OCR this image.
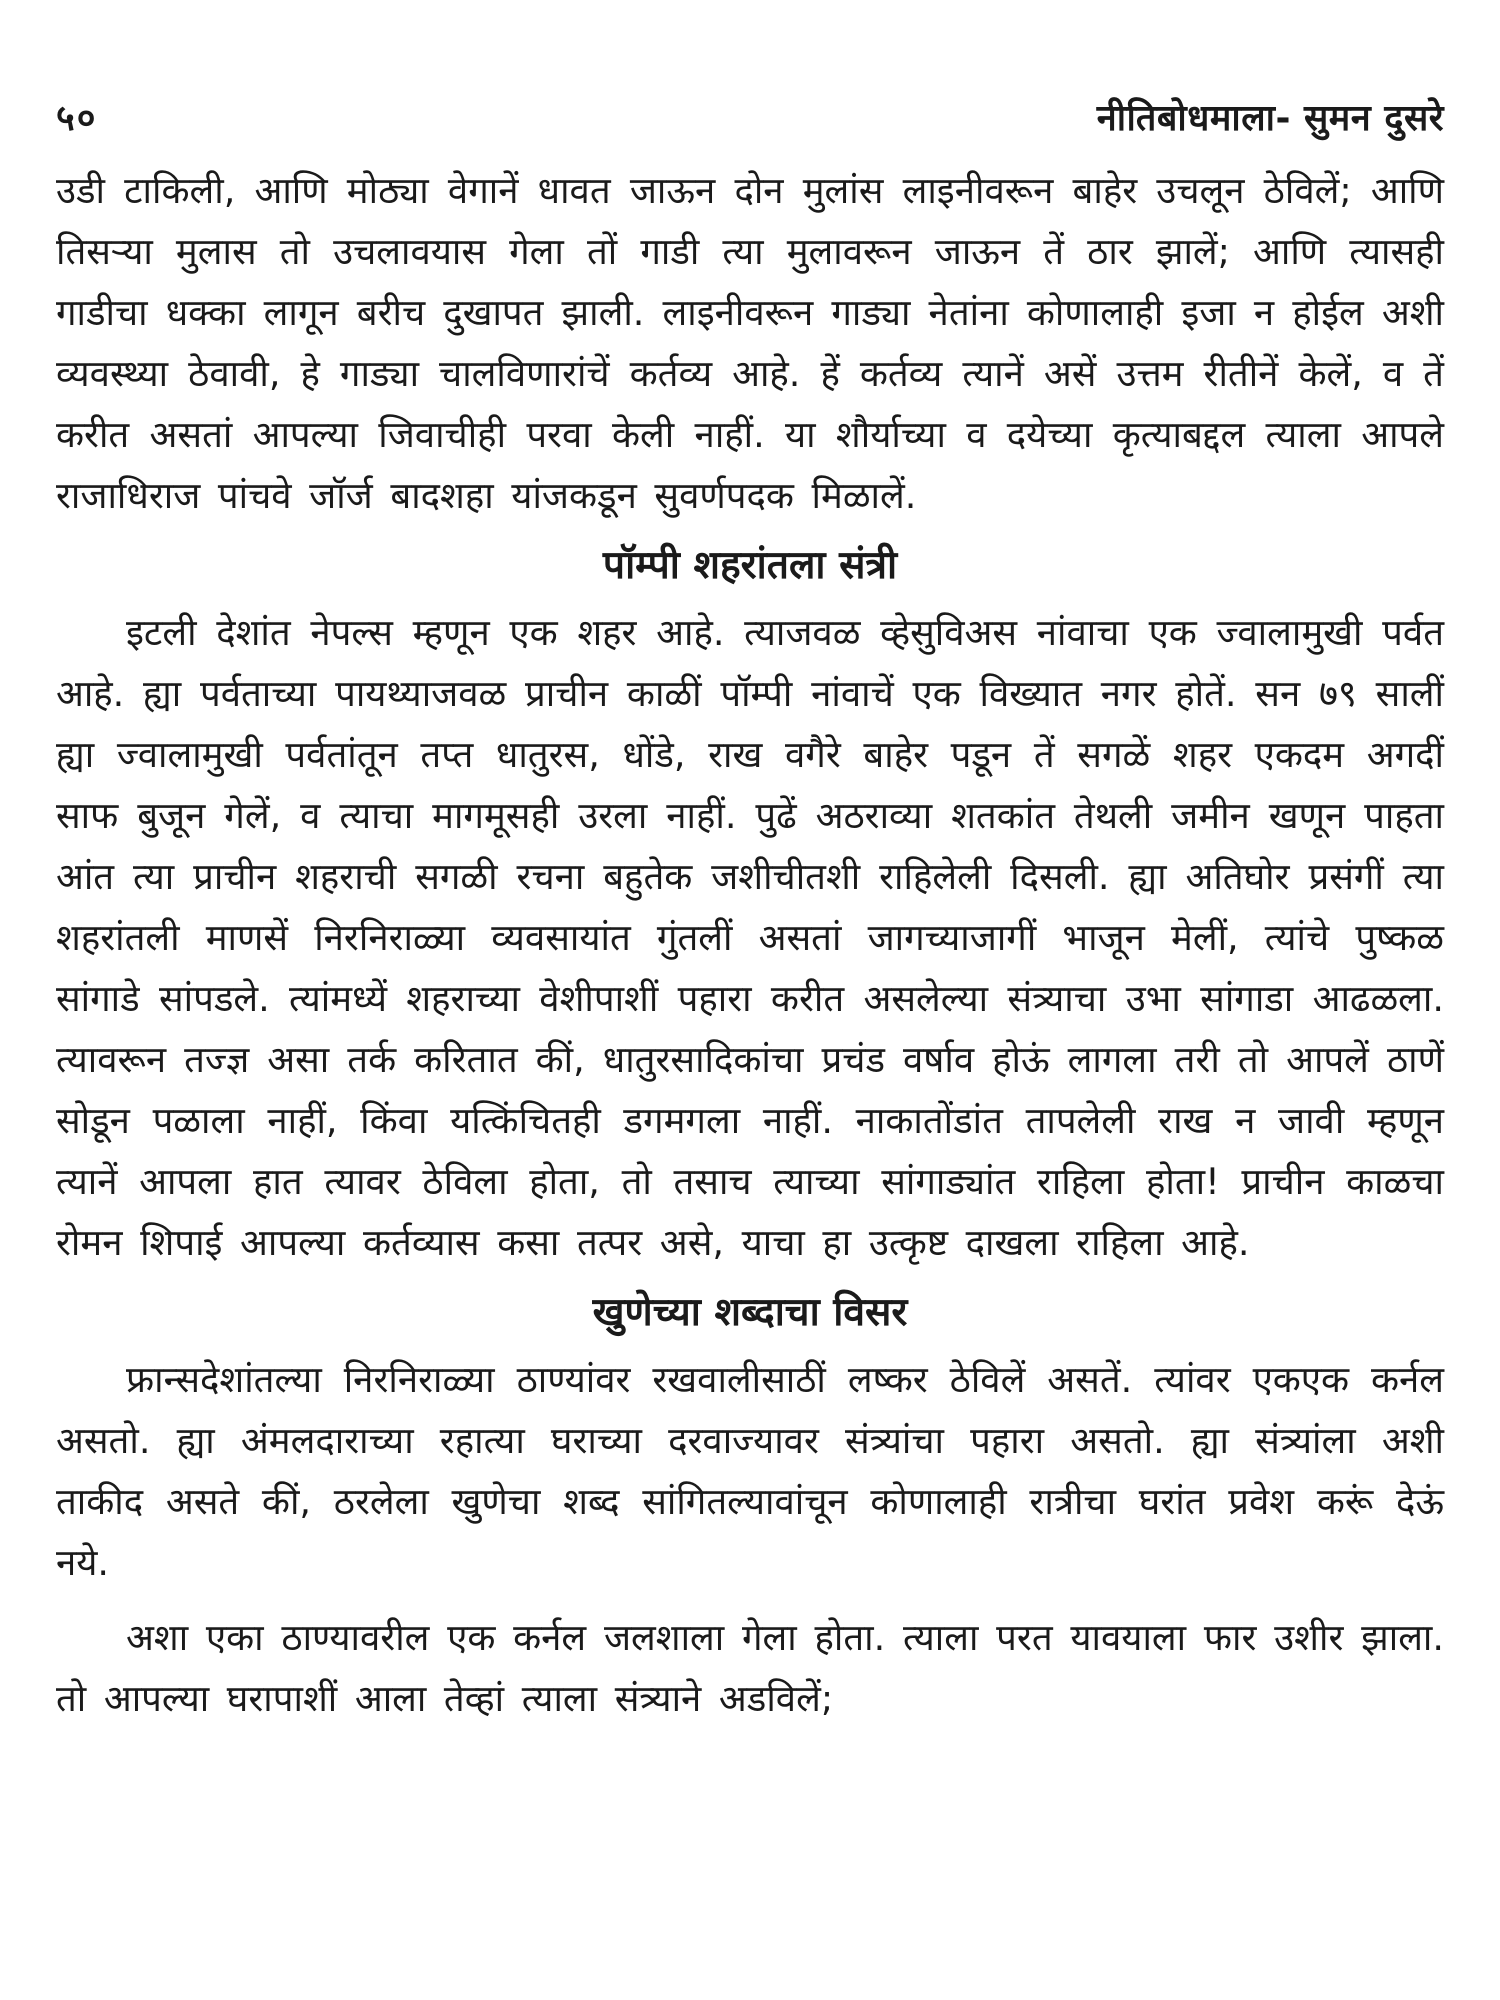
५०	नीतिबोधमाला- सुमन दुसरे

उडी टाकिली, आणि मोठ्या वेगानें धावत जाऊन दोन मुलांस लाइनीवरून बाहेर उचलून ठेविलें; आणि तिसऱ्या मुलास तो उचलावयास गेला तों गाडी त्या मुलावरून जाऊन तें ठार झालें; आणि त्यासही गाडीचा धक्का लागून बरीच दुखापत झाली. लाइनीवरून गाड्या नेतांना कोणालाही इजा न होईल अशी व्यवस्थ्या ठेवावी, हे गाड्या चालविणारांचें कर्तव्य आहे. हें कर्तव्य त्यानें असें उत्तम रीतीनें केलें, व तें करीत असतां आपल्या जिवाचीही परवा केली नाहीं. या शौर्याच्या व दयेच्या कृत्याबद्दल त्याला आपले राजाधिराज पांचवे जॉर्ज बादशहा यांजकडून सुवर्णपदक मिळालें.

पॉम्पी शहरांतला संत्री

इटली देशांत नेपल्स म्हणून एक शहर आहे. त्याजवळ व्हेसुविअस नांवाचा एक ज्वालामुखी पर्वत आहे. ह्या पर्वताच्या पायथ्याजवळ प्राचीन काळीं पॉम्पी नांवाचें एक विख्यात नगर होतें. सन ७९ सालीं ह्या ज्वालामुखी पर्वतांतून तप्त धातुरस, धोंडे, राख वगैरे बाहेर पडून तें सगळें शहर एकदम अगदीं साफ बुजून गेलें, व त्याचा मागमूसही उरला नाहीं. पुढें अठराव्या शतकांत तेथली जमीन खणून पाहता आंत त्या प्राचीन शहराची सगळी रचना बहुतेक जशीचीतशी राहिलेली दिसली. ह्या अतिघोर प्रसंगीं त्या शहरांतली माणसें निरनिराळ्या व्यवसायांत गुंतलीं असतां जागच्याजागीं भाजून मेलीं, त्यांचे पुष्कळ सांगाडे सांपडले. त्यांमध्यें शहराच्या वेशीपाशीं पहारा करीत असलेल्या संत्र्याचा उभा सांगाडा आढळला. त्यावरून तज्ज्ञ असा तर्क करितात कीं, धातुरसादिकांचा प्रचंड वर्षाव होऊं लागला तरी तो आपलें ठाणें सोडून पळाला नाहीं, किंवा यत्किंचितही डगमगला नाहीं. नाकातोंडांत तापलेली राख न जावी म्हणून त्यानें आपला हात त्यावर ठेविला होता, तो तसाच त्याच्या सांगाड्यांत राहिला होता! प्राचीन काळचा रोमन शिपाई आपल्या कर्तव्यास कसा तत्पर असे, याचा हा उत्कृष्ट दाखला राहिला आहे.

खुणेच्या शब्दाचा विसर

फ्रान्सदेशांतल्या निरनिराळ्या ठाण्यांवर रखवालीसाठीं लष्कर ठेविलें असतें. त्यांवर एकएक कर्नल असतो. ह्या अंमलदाराच्या रहात्या घराच्या दरवाज्यावर संत्र्यांचा पहारा असतो. ह्या संत्र्यांला अशी ताकीद असते कीं, ठरलेला खुणेचा शब्द सांगितल्यावांचून कोणालाही रात्रीचा घरांत प्रवेश करूं देऊं नये.

अशा एका ठाण्यावरील एक कर्नल जलशाला गेला होता. त्याला परत यावयाला फार उशीर झाला. तो आपल्या घरापाशीं आला तेव्हां त्याला संत्र्याने अडविलें;
